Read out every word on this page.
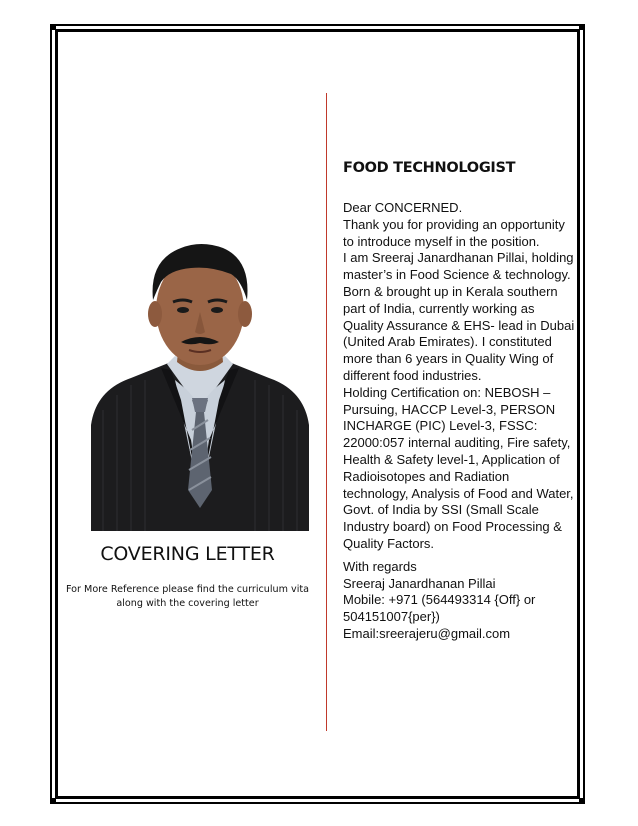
COVERING LETTER
For More Reference please find the curriculum vita along with the covering letter
FOOD TECHNOLOGIST

Dear CONCERNED.

Thank you for providing an opportunity to introduce myself in the position.

I am Sreeraj Janardhanan Pillai, holding master’s in Food Science & technology. Born & brought up in Kerala southern part of India, currently working as Quality Assurance & EHS- lead in Dubai (United Arab Emirates). I constituted more than 6 years in Quality Wing of different food industries.

Holding Certification on: NEBOSH – Pursuing, HACCP Level-3, PERSON INCHARGE (PIC) Level-3, FSSC: 22000:057 internal auditing, Fire safety, Health & Safety level-1, Application of Radioisotopes and Radiation technology, Analysis of Food and Water, Govt. of India by SSI (Small Scale Industry board) on Food Processing & Quality Factors.

With regards

Sreeraj Janardhanan Pillai

Mobile: +971 (564493314 {Off} or 504151007{per})

Email:sreerajeru@gmail.com
